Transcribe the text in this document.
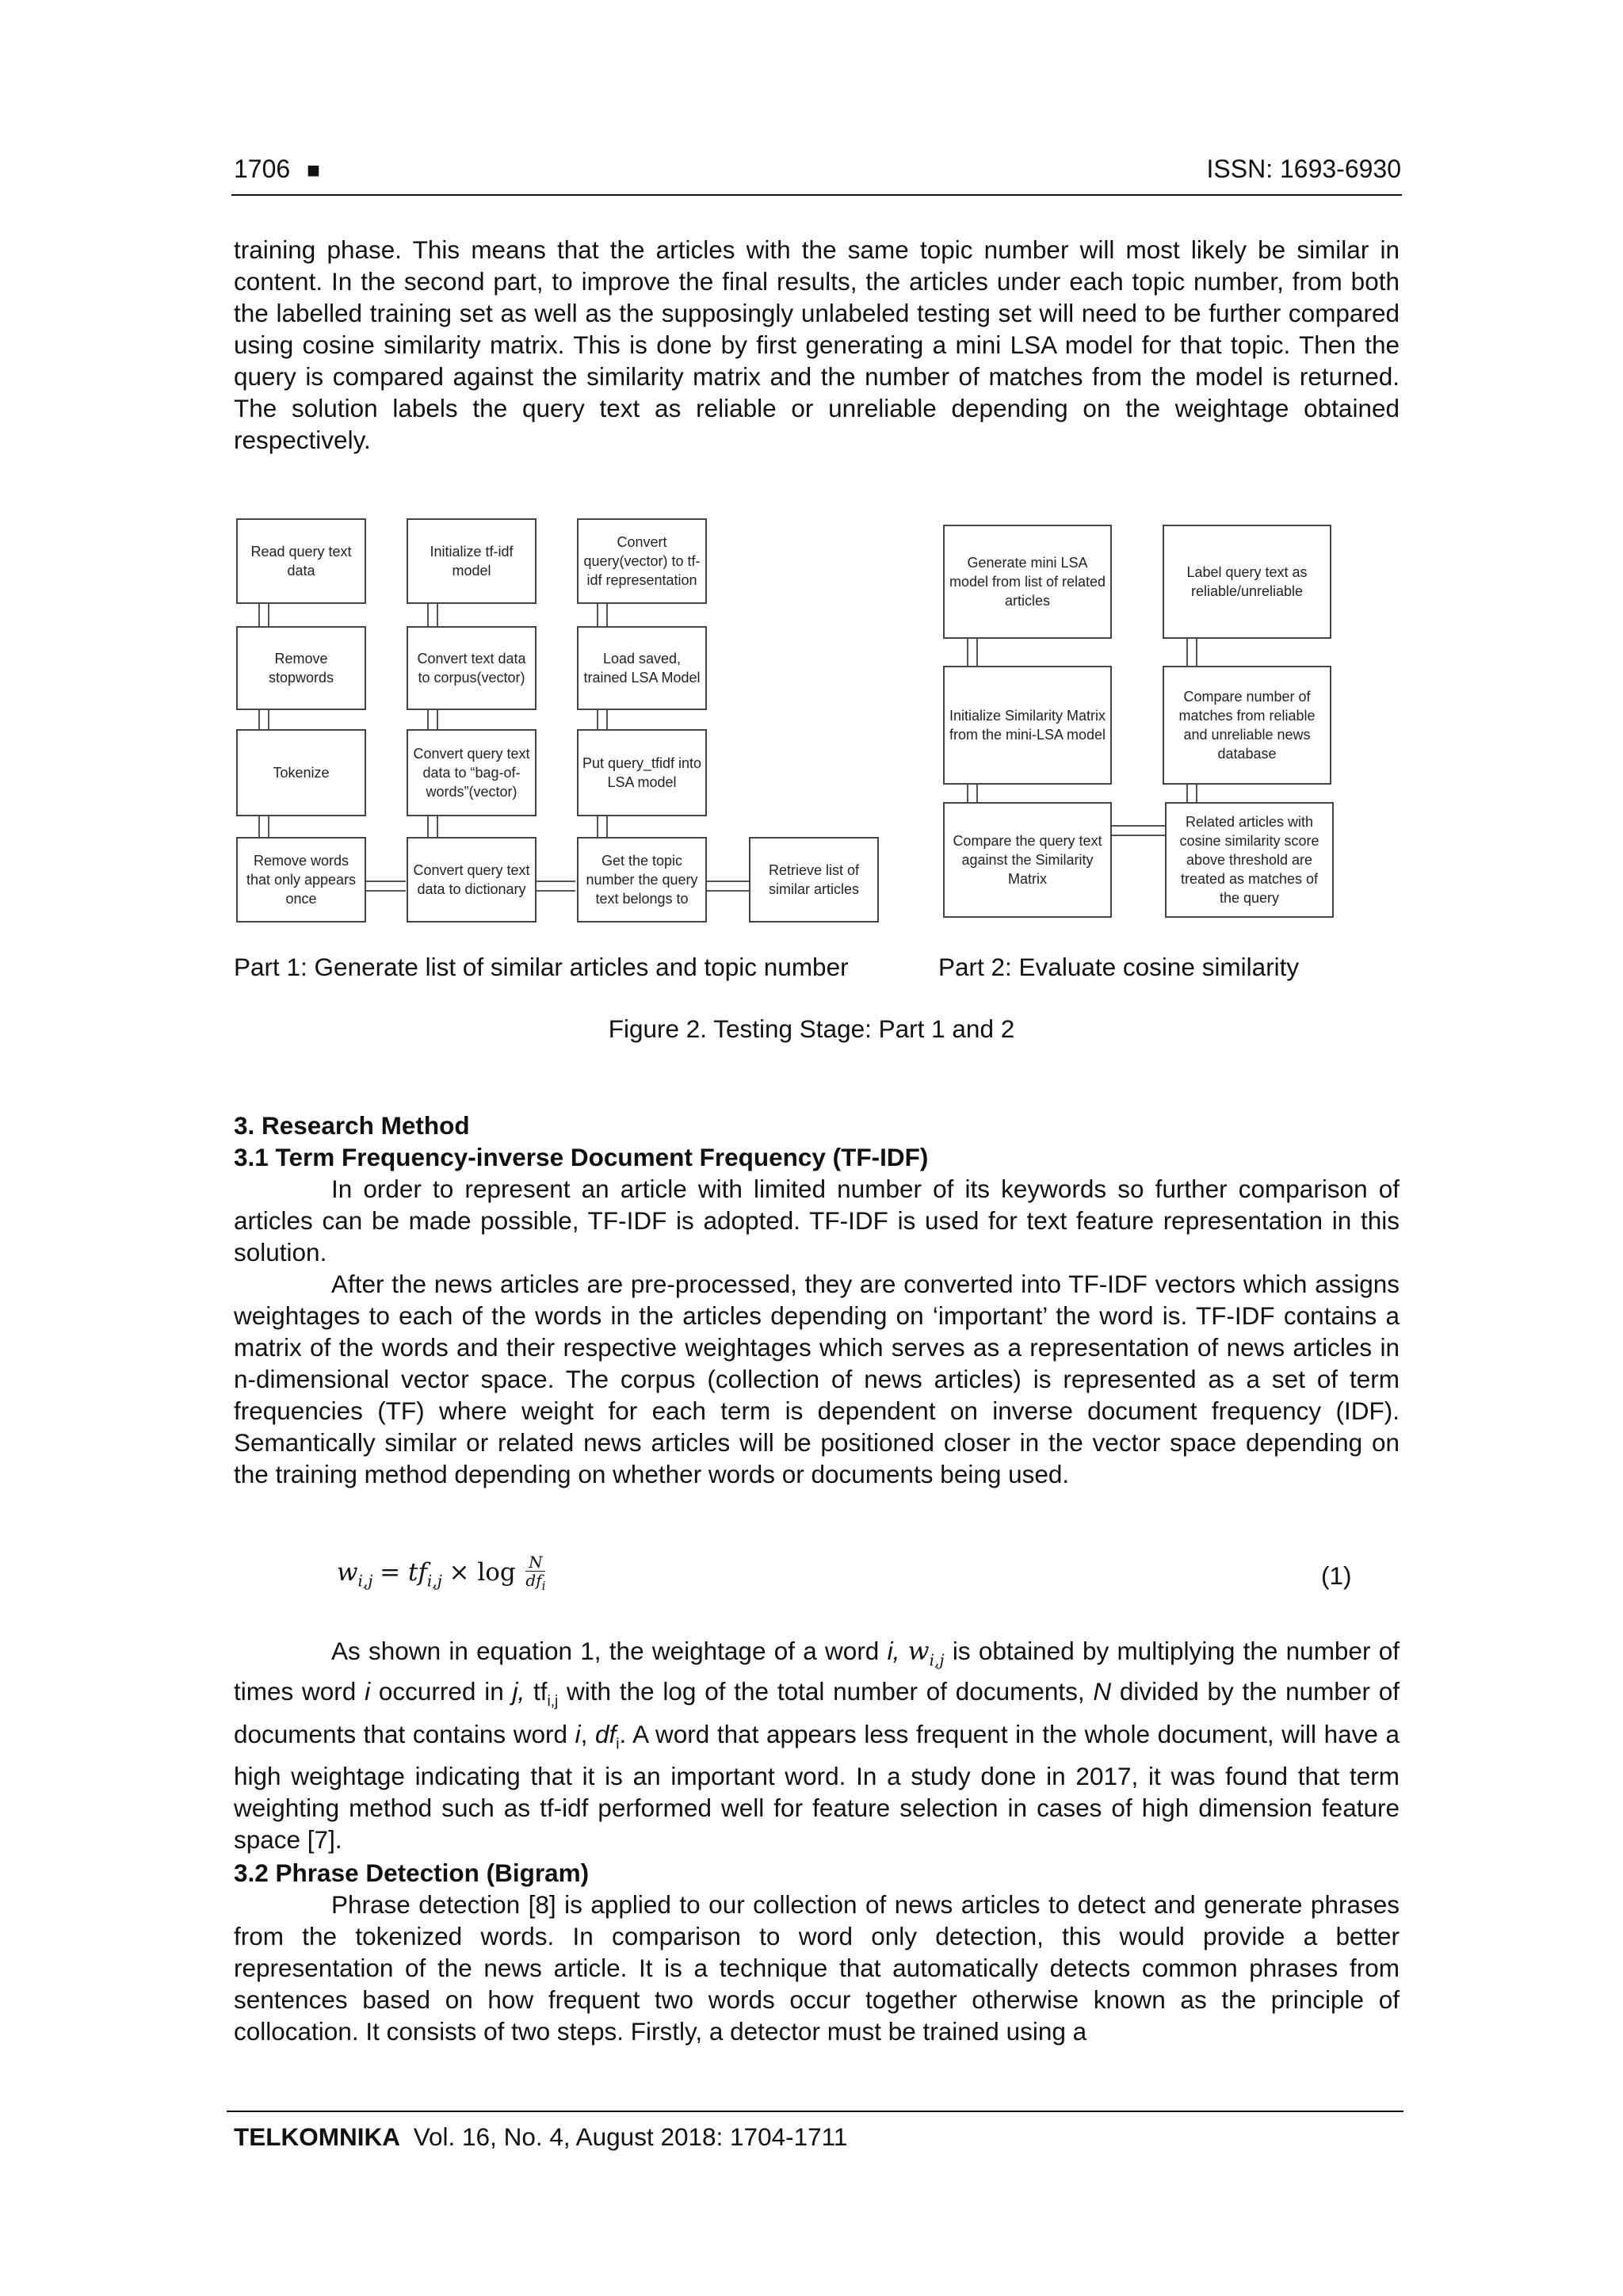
1706 ■	ISSN: 1693-6930

training phase. This means that the articles with the same topic number will most likely be similar in content. In the second part, to improve the final results, the articles under each topic number, from both the labelled training set as well as the supposingly unlabeled testing set will need to be further compared using cosine similarity matrix. This is done by first generating a mini LSA model for that topic. Then the query is compared against the similarity matrix and the number of matches from the model is returned. The solution labels the query text as reliable or unreliable depending on the weightage obtained respectively.

Read query text data
Initialize tf-idf model
Convert query(vector) to tf-idf representation
Remove stopwords
Convert text data to corpus(vector)
Load saved, trained LSA Model
Tokenize
Convert query text data to “bag-of-words”(vector)
Put query_tfidf into LSA model
Remove words that only appears once
Convert query text data to dictionary
Get the topic number the query text belongs to
Retrieve list of similar articles
Generate mini LSA model from list of related articles
Label query text as reliable/unreliable
Initialize Similarity Matrix from the mini-LSA model
Compare number of matches from reliable and unreliable news database
Compare the query text against the Similarity Matrix
Related articles with cosine similarity score above threshold are treated as matches of the query
Part 1: Generate list of similar articles and topic number	Part 2: Evaluate cosine similarity
Figure 2. Testing Stage: Part 1 and 2
3. Research Method
3.1 Term Frequency-inverse Document Frequency (TF-IDF)

In order to represent an article with limited number of its keywords so further comparison of articles can be made possible, TF-IDF is adopted. TF-IDF is used for text feature representation in this solution.

After the news articles are pre-processed, they are converted into TF-IDF vectors which assigns weightages to each of the words in the articles depending on ‘important’ the word is. TF-IDF contains a matrix of the words and their respective weightages which serves as a representation of news articles in n-dimensional vector space. The corpus (collection of news articles) is represented as a set of term frequencies (TF) where weight for each term is dependent on inverse document frequency (IDF). Semantically similar or related news articles will be positioned closer in the vector space depending on the training method depending on whether words or documents being used.

$w_{i,j} = tf_{i,j} \times \log N$
$df_i$	(1)

As shown in equation 1, the weightage of a word i, $w_{i,j}$ is obtained by multiplying the number of times word i occurred in j, $tf_{i,j}$ with the log of the total number of documents, N divided by the number of documents that contains word i, $df_i$. A word that appears less frequent in the whole document, will have a high weightage indicating that it is an important word. In a study done in 2017, it was found that term weighting method such as tf-idf performed well for feature selection in cases of high dimension feature space [7].

3.2 Phrase Detection (Bigram)

Phrase detection [8] is applied to our collection of news articles to detect and generate phrases from the tokenized words. In comparison to word only detection, this would provide a better representation of the news article. It is a technique that automatically detects common phrases from sentences based on how frequent two words occur together otherwise known as the principle of collocation. It consists of two steps. Firstly, a detector must be trained using a

TELKOMNIKA Vol. 16, No. 4, August 2018: 1704-1711
